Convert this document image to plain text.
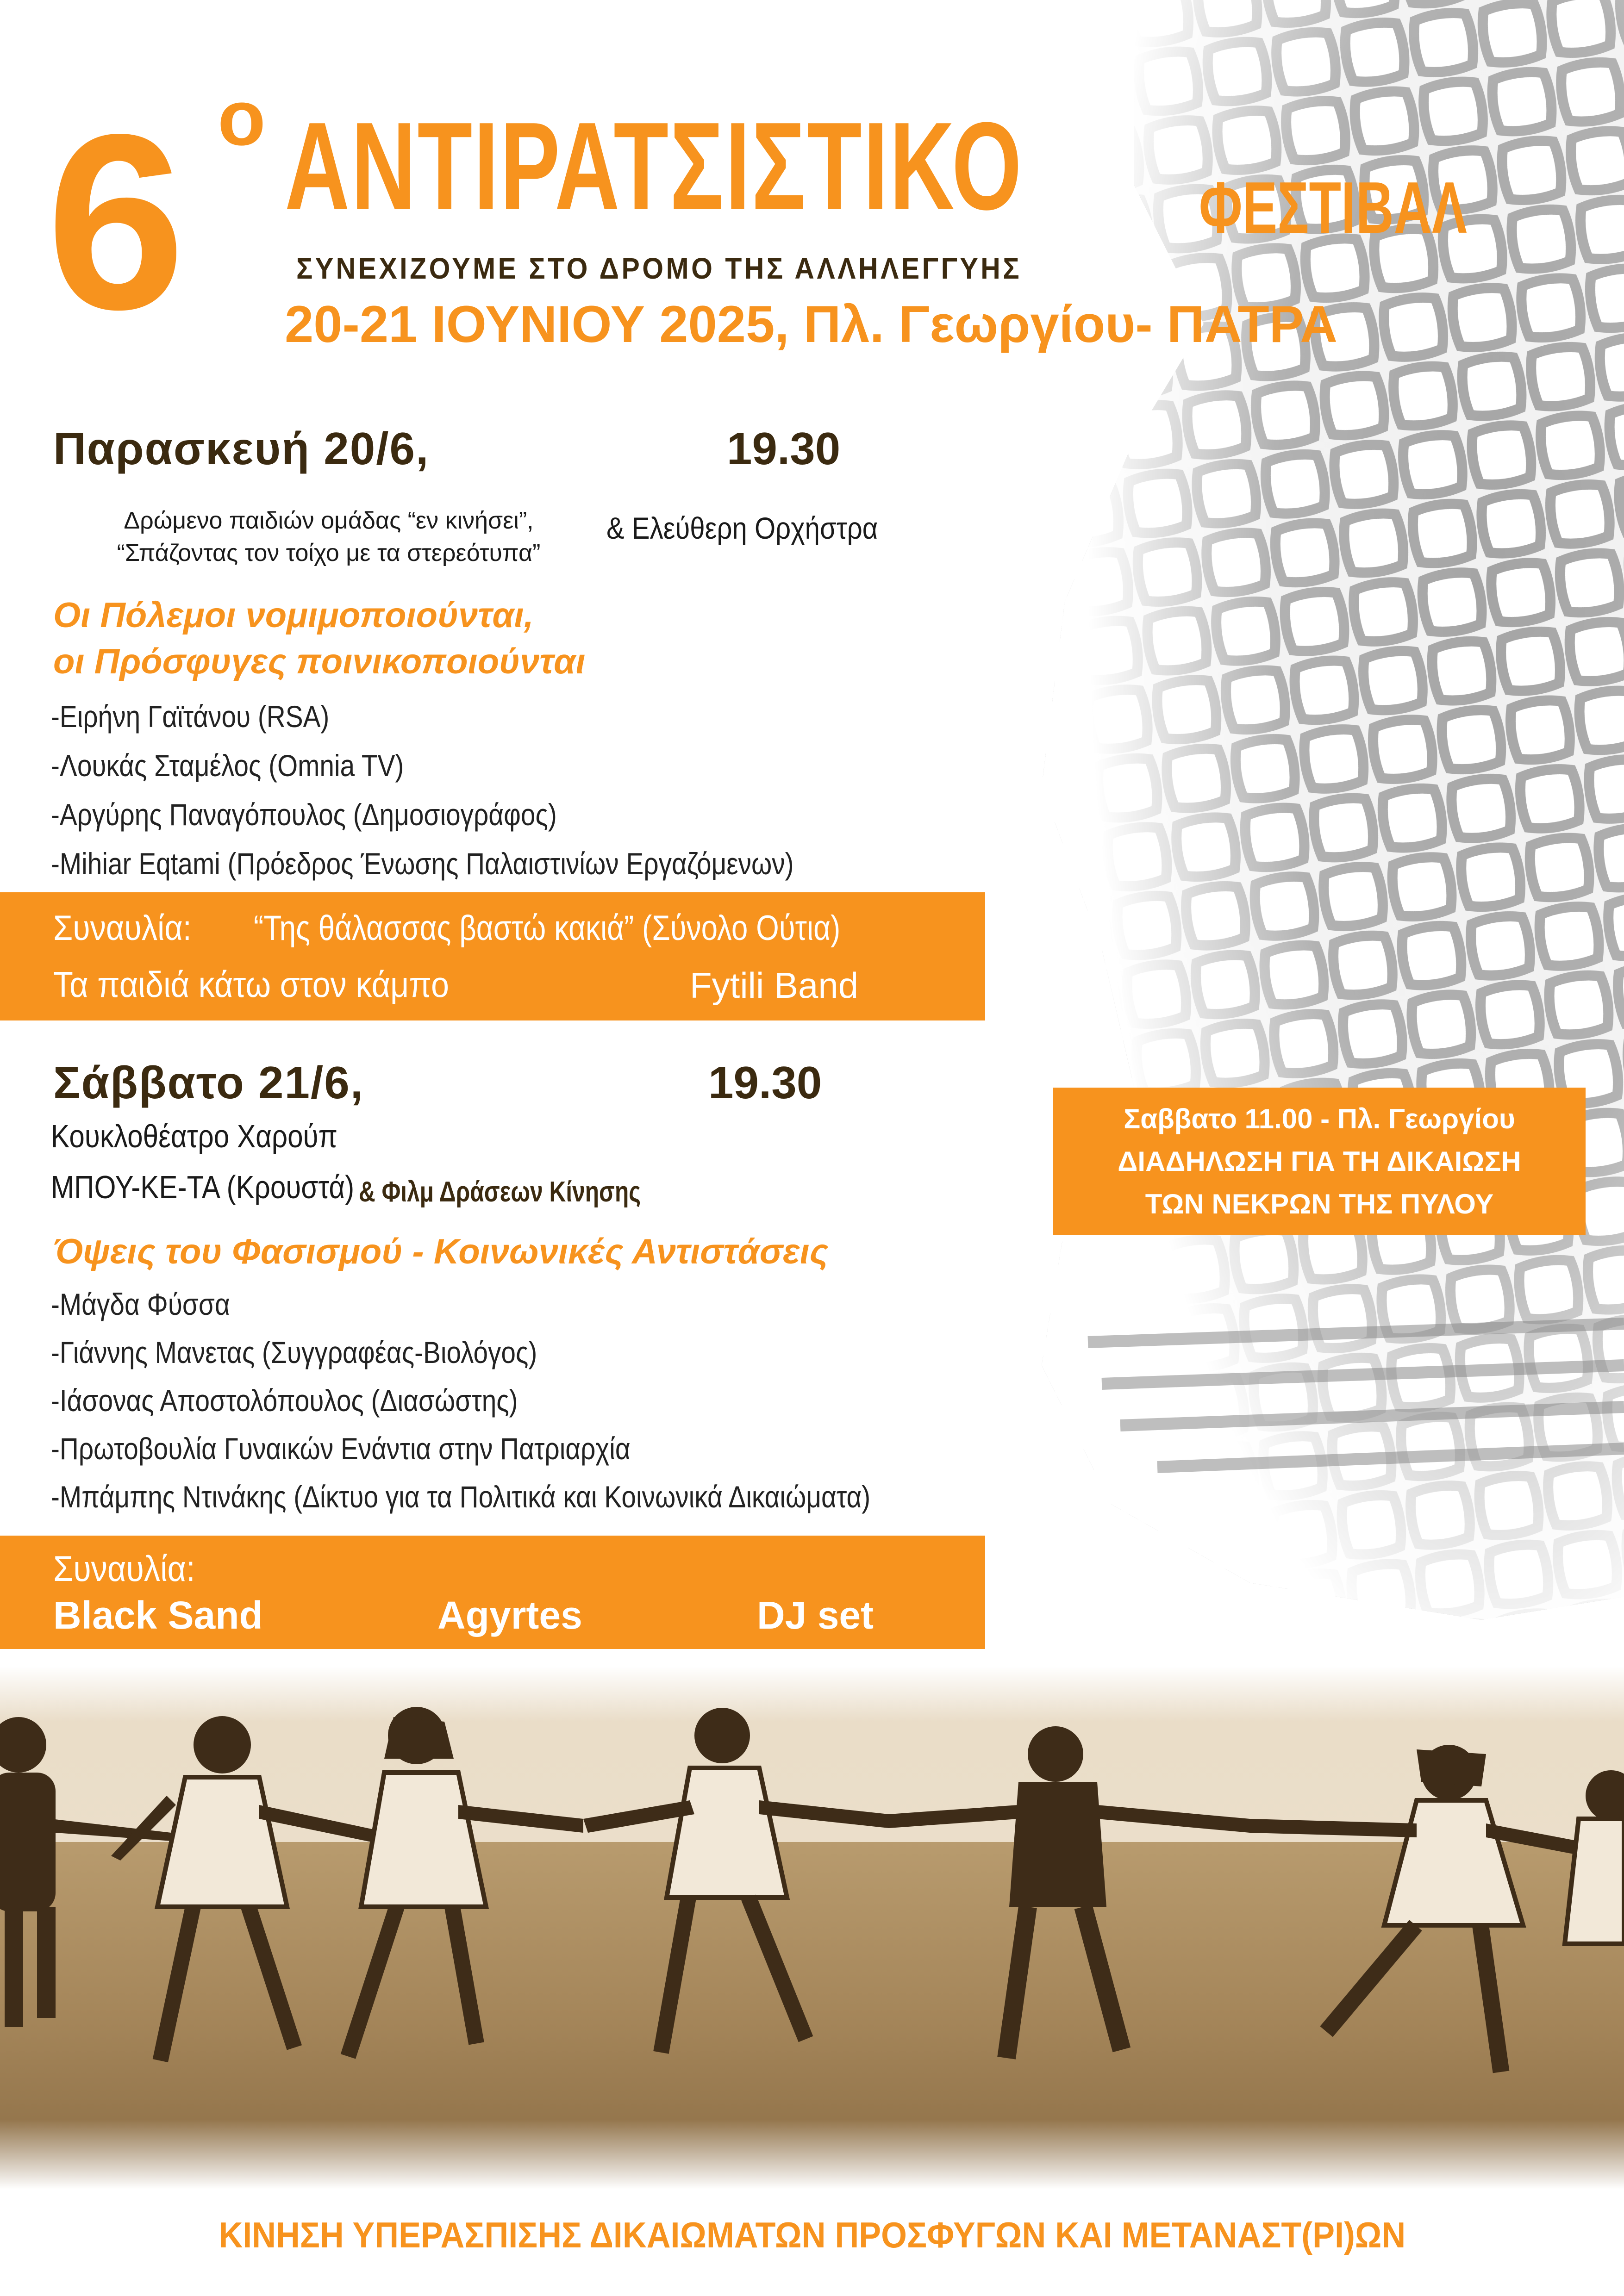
6 ο ΑΝΤΙΡΑΤΣΙΣΤΙΚΟ	ΦΕΣΤΙΒΑΛ
ΣΥΝΕΧΙΖΟΥΜΕ ΣΤΟ ΔΡΟΜΟ ΤΗΣ ΑΛΛΗΛΕΓΓΥΗΣ
20-21 ΙΟΥΝΙΟΥ 2025, Πλ. Γεωργίου- ΠΑΤΡΑ
Παρασκευή 20/6,	19.30
Δρώμενο παιδιών ομάδας “εν κινήσει”,
“Σπάζοντας τον τοίχο με τα στερεότυπα”
& Ελεύθερη Ορχήστρα
Οι Πόλεμοι νομιμοποιούνται,
οι Πρόσφυγες ποινικοποιούνται
-Ειρήνη Γαϊτάνου (RSA)
-Λουκάς Σταμέλος (Omnia TV)
-Αργύρης Παναγόπουλος (Δημοσιογράφος)
-Mihiar Eqtami (Πρόεδρος Ένωσης Παλαιστινίων Εργαζόμενων)
Συναυλία:	“Της θάλασσας βαστώ κακιά” (Σύνολο Ούτια)
Τα παιδιά κάτω στον κάμπο	Fytili Band
Σάββατο 21/6,	19.30
Κουκλοθέατρο Χαρούπ
ΜΠΟΥ-ΚΕ-ΤΑ (Κρουστά) & Φιλμ Δράσεων Κίνησης
Όψεις του Φασισμού - Κοινωνικές Αντιστάσεις
-Μάγδα Φύσσα
-Γιάννης Μανετας (Συγγραφέας-Βιολόγος)
-Ιάσονας Αποστολόπουλος (Διασώστης)
-Πρωτοβουλία Γυναικών Ενάντια στην Πατριαρχία
-Μπάμπης Ντινάκης (Δίκτυο για τα Πολιτικά και Κοινωνικά Δικαιώματα)
Συναυλία:
Black Sand	Agyrtes	DJ set
Σαββατο 11.00 - Πλ. Γεωργίου
ΔΙΑΔΗΛΩΣΗ ΓΙΑ ΤΗ ΔΙΚΑΙΩΣΗ
ΤΩΝ ΝΕΚΡΩΝ ΤΗΣ ΠΥΛΟΥ
ΚΙΝΗΣΗ ΥΠΕΡΑΣΠΙΣΗΣ ΔΙΚΑΙΩΜΑΤΩΝ ΠΡΟΣΦΥΓΩΝ ΚΑΙ ΜΕΤΑΝΑΣΤ(ΡΙ)ΩΝ
